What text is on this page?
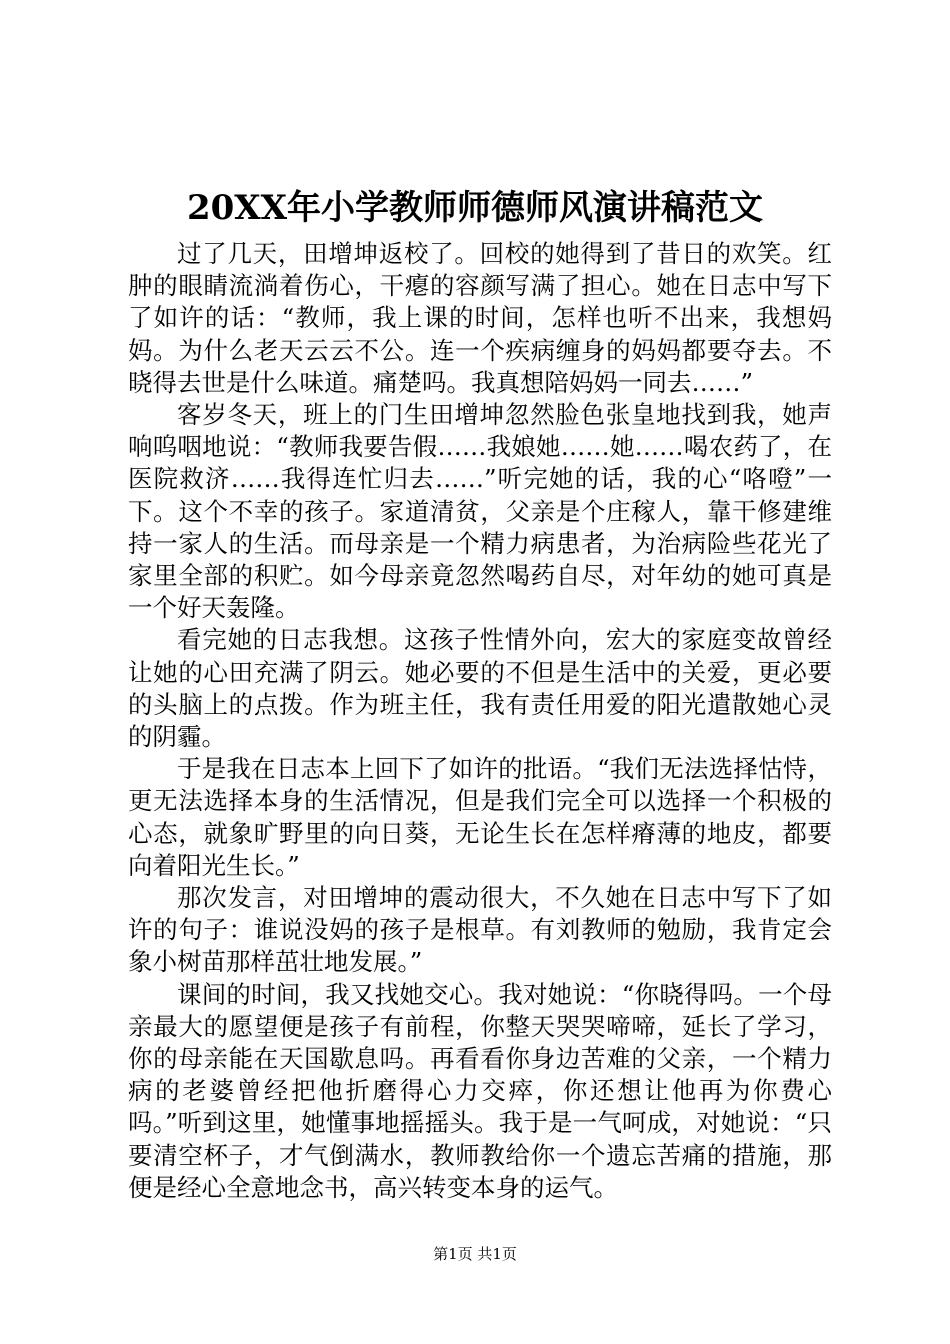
20XX年小学教师师德师风演讲稿范文

过了几天，田增坤返校了。回校的她得到了昔日的欢笑。红肿的眼睛流淌着伤心，干瘪的容颜写满了担心。她在日志中写下了如许的话：“教师，我上课的时间，怎样也听不出来，我想妈妈。为什么老天云云不公。连一个疾病缠身的妈妈都要夺去。不晓得去世是什么味道。痛楚吗。我真想陪妈妈一同去……”

客岁冬天，班上的门生田增坤忽然脸色张皇地找到我，她声响呜咽地说：“教师我要告假……我娘她……她……喝农药了，在医院救济……我得连忙归去……”听完她的话，我的心“咯噔”一下。这个不幸的孩子。家道清贫，父亲是个庄稼人，靠干修建维持一家人的生活。而母亲是一个精力病患者，为治病险些花光了家里全部的积贮。如今母亲竟忽然喝药自尽，对年幼的她可真是一个好天轰隆。

看完她的日志我想。这孩子性情外向，宏大的家庭变故曾经让她的心田充满了阴云。她必要的不但是生活中的关爱，更必要的头脑上的点拨。作为班主任，我有责任用爱的阳光遣散她心灵的阴霾。

于是我在日志本上回下了如许的批语。“我们无法选择怙恃，更无法选择本身的生活情况，但是我们完全可以选择一个积极的心态，就象旷野里的向日葵，无论生长在怎样瘠薄的地皮，都要向着阳光生长。”

那次发言，对田增坤的震动很大，不久她在日志中写下了如许的句子：谁说没妈的孩子是根草。有刘教师的勉励，我肯定会象小树苗那样茁壮地发展。”

课间的时间，我又找她交心。我对她说：“你晓得吗。一个母亲最大的愿望便是孩子有前程，你整天哭哭啼啼，延长了学习，你的母亲能在天国歇息吗。再看看你身边苦难的父亲，一个精力病的老婆曾经把他折磨得心力交瘁，你还想让他再为你费心吗。”听到这里，她懂事地摇摇头。我于是一气呵成，对她说：“只要清空杯子，才气倒满水，教师教给你一个遗忘苦痛的措施，那便是经心全意地念书，高兴转变本身的运气。

第1页 共1页
